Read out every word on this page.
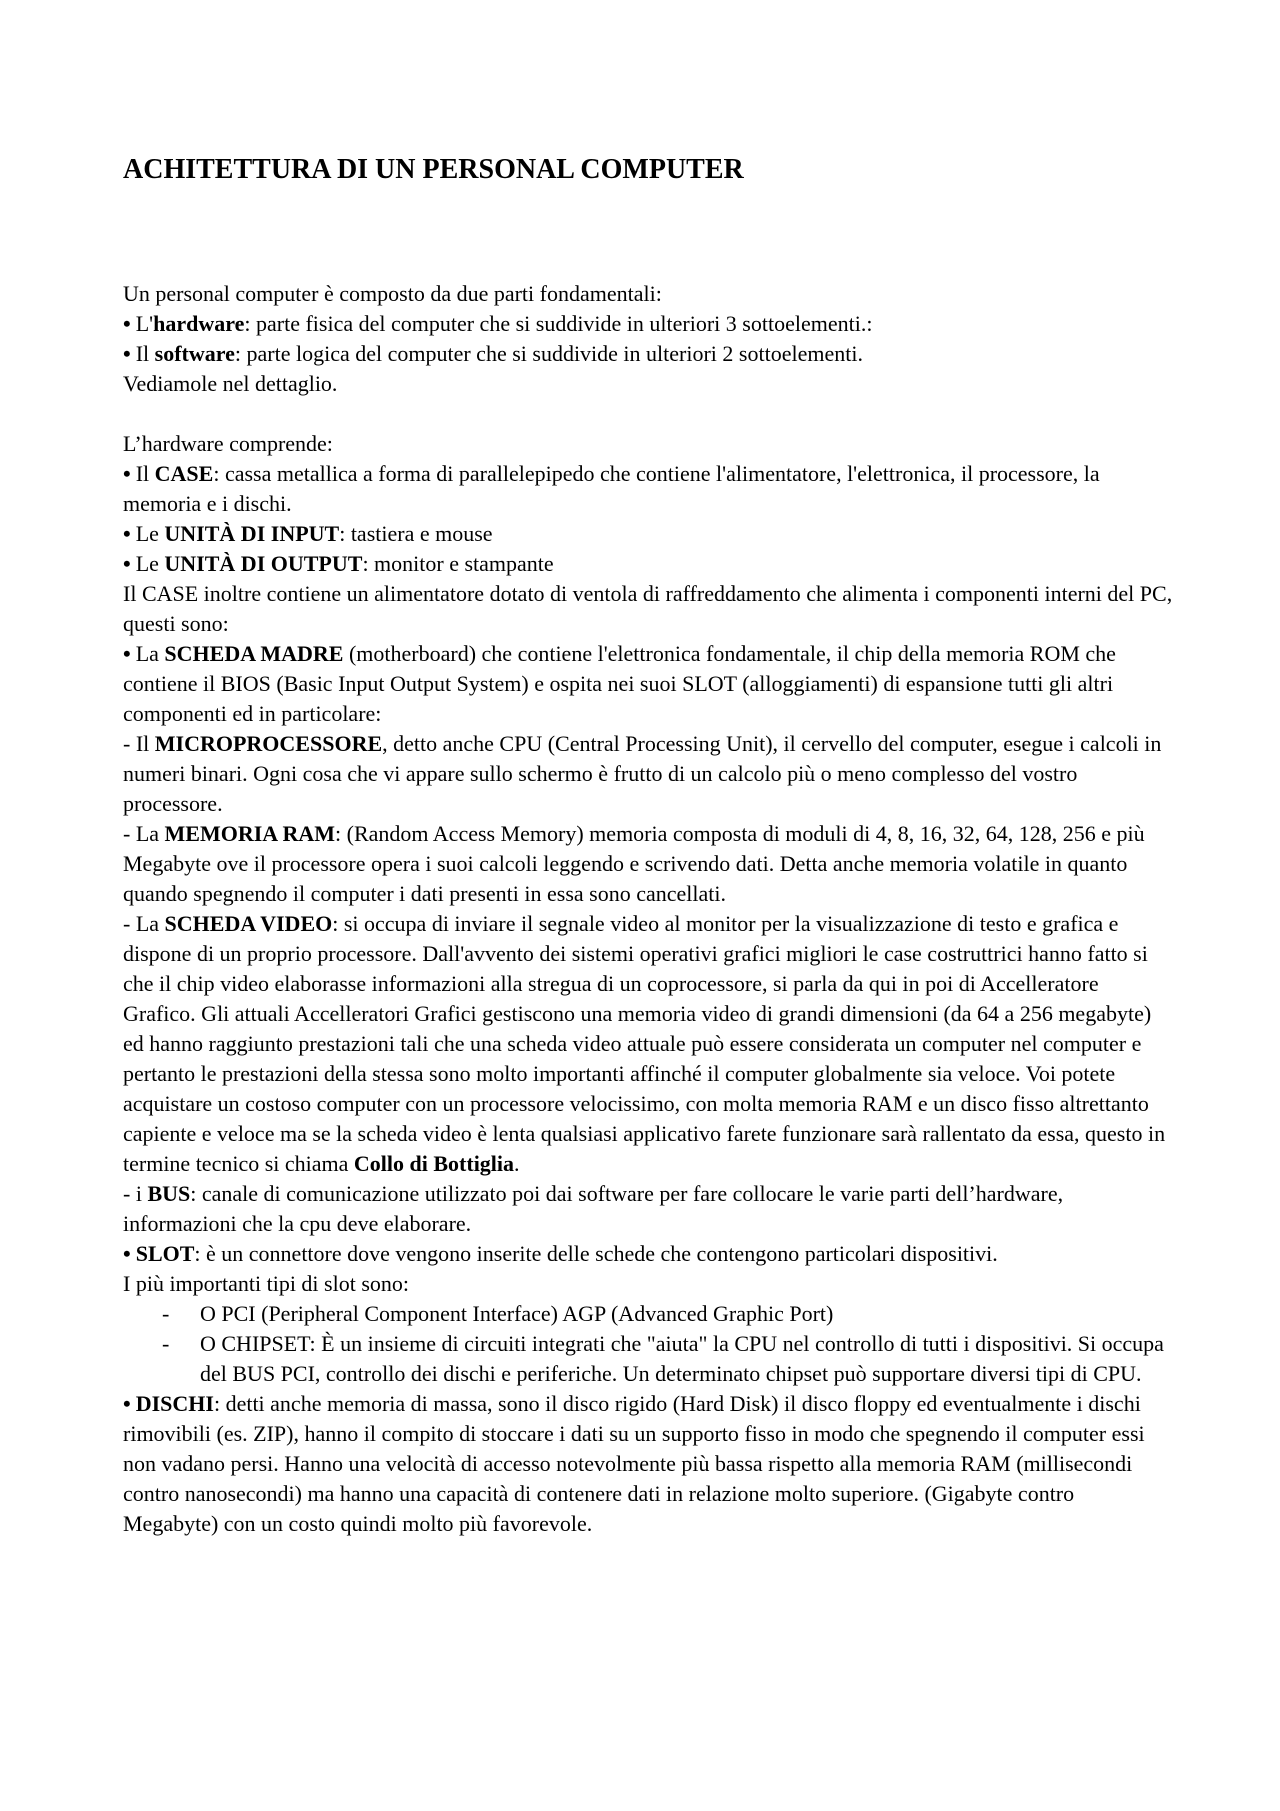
ACHITETTURA DI UN PERSONAL COMPUTER

Un personal computer è composto da due parti fondamentali:

• L'hardware: parte fisica del computer che si suddivide in ulteriori 3 sottoelementi.:

• Il software: parte logica del computer che si suddivide in ulteriori 2 sottoelementi.

Vediamole nel dettaglio.

L’hardware comprende:

• Il CASE: cassa metallica a forma di parallelepipedo che contiene l'alimentatore, l'elettronica, il processore, la memoria e i dischi.

• Le UNITÀ DI INPUT: tastiera e mouse

• Le UNITÀ DI OUTPUT: monitor e stampante

Il CASE inoltre contiene un alimentatore dotato di ventola di raffreddamento che alimenta i componenti interni del PC, questi sono:

• La SCHEDA MADRE (motherboard) che contiene l'elettronica fondamentale, il chip della memoria ROM che contiene il BIOS (Basic Input Output System) e ospita nei suoi SLOT (alloggiamenti) di espansione tutti gli altri componenti ed in particolare:

- Il MICROPROCESSORE, detto anche CPU (Central Processing Unit), il cervello del computer, esegue i calcoli in numeri binari. Ogni cosa che vi appare sullo schermo è frutto di un calcolo più o meno complesso del vostro processore.

- La MEMORIA RAM: (Random Access Memory) memoria composta di moduli di 4, 8, 16, 32, 64, 128, 256 e più Megabyte ove il processore opera i suoi calcoli leggendo e scrivendo dati. Detta anche memoria volatile in quanto quando spegnendo il computer i dati presenti in essa sono cancellati.

- La SCHEDA VIDEO: si occupa di inviare il segnale video al monitor per la visualizzazione di testo e grafica e dispone di un proprio processore. Dall'avvento dei sistemi operativi grafici migliori le case costruttrici hanno fatto si che il chip video elaborasse informazioni alla stregua di un coprocessore, si parla da qui in poi di Accelleratore Grafico. Gli attuali Accelleratori Grafici gestiscono una memoria video di grandi dimensioni (da 64 a 256 megabyte) ed hanno raggiunto prestazioni tali che una scheda video attuale può essere considerata un computer nel computer e pertanto le prestazioni della stessa sono molto importanti affinché il computer globalmente sia veloce. Voi potete acquistare un costoso computer con un processore velocissimo, con molta memoria RAM e un disco fisso altrettanto capiente e veloce ma se la scheda video è lenta qualsiasi applicativo farete funzionare sarà rallentato da essa, questo in termine tecnico si chiama Collo di Bottiglia.

- i BUS: canale di comunicazione utilizzato poi dai software per fare collocare le varie parti dell’hardware, informazioni che la cpu deve elaborare.

• SLOT: è un connettore dove vengono inserite delle schede che contengono particolari dispositivi.

I più importanti tipi di slot sono:

- O PCI (Peripheral Component Interface) AGP (Advanced Graphic Port)

- O CHIPSET: È un insieme di circuiti integrati che "aiuta" la CPU nel controllo di tutti i dispositivi. Si occupa del BUS PCI, controllo dei dischi e periferiche. Un determinato chipset può supportare diversi tipi di CPU.

• DISCHI: detti anche memoria di massa, sono il disco rigido (Hard Disk) il disco floppy ed eventualmente i dischi rimovibili (es. ZIP), hanno il compito di stoccare i dati su un supporto fisso in modo che spegnendo il computer essi non vadano persi. Hanno una velocità di accesso notevolmente più bassa rispetto alla memoria RAM (millisecondi contro nanosecondi) ma hanno una capacità di contenere dati in relazione molto superiore. (Gigabyte contro Megabyte) con un costo quindi molto più favorevole.
